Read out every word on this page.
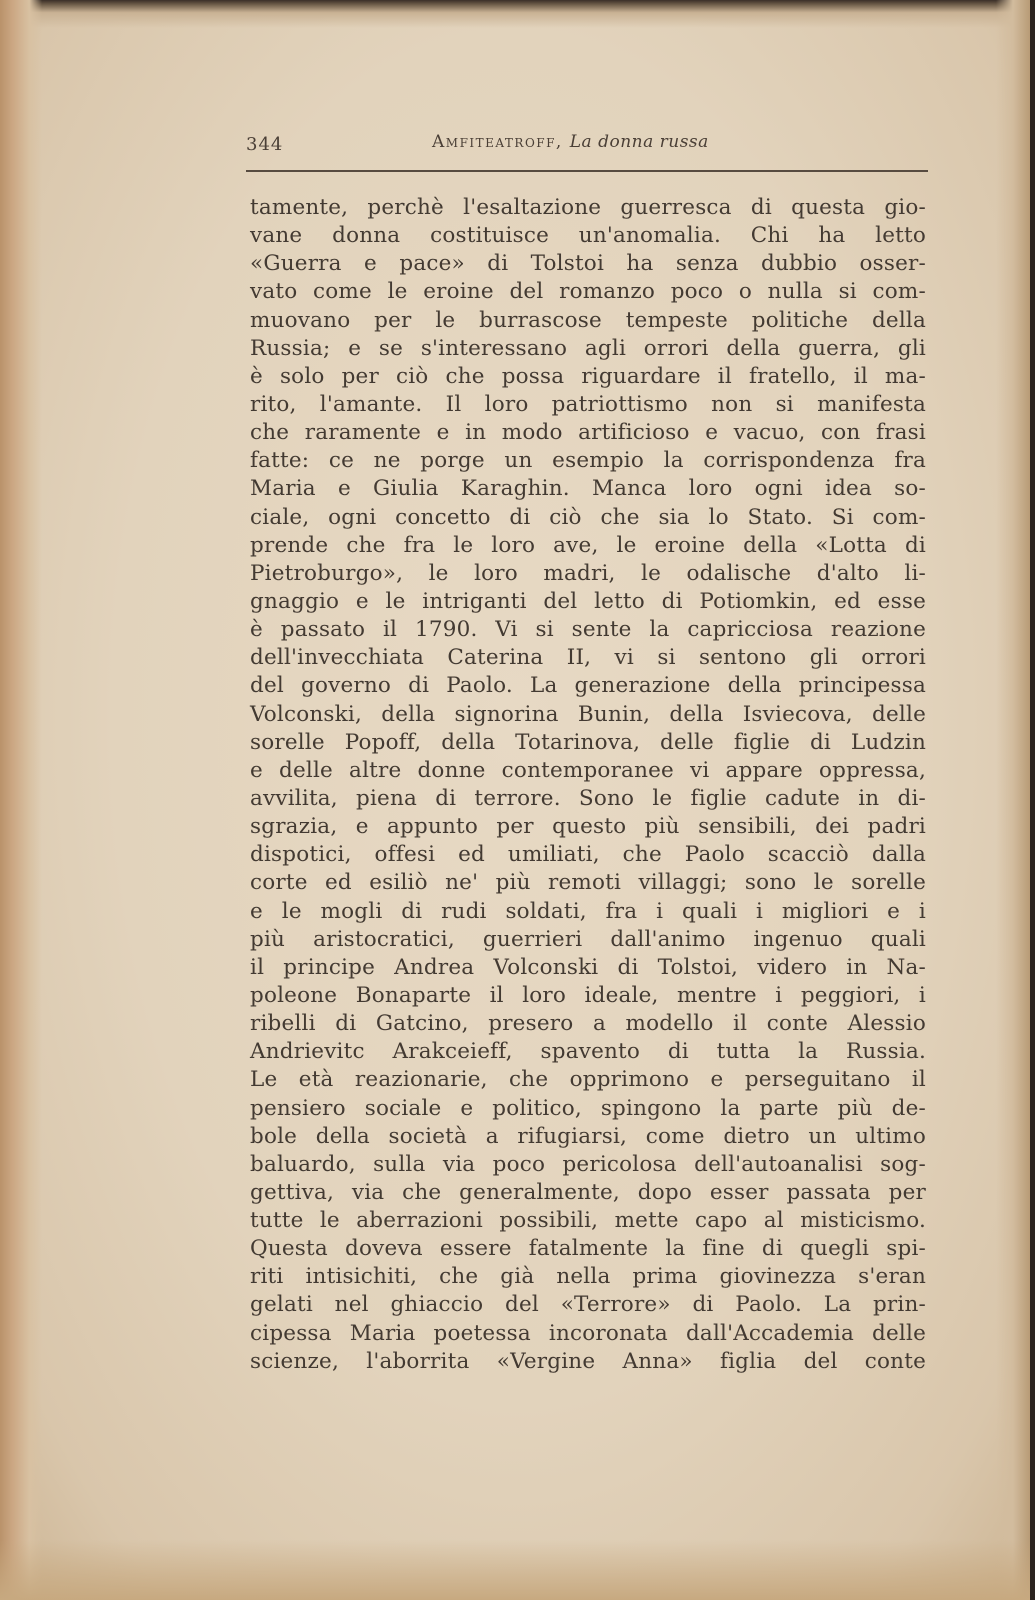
344	Amfiteatroff, La donna russa
tamente, perchè l'esaltazione guerresca di questa gio-
vane donna costituisce un'anomalia. Chi ha letto
«Guerra e pace» di Tolstoi ha senza dubbio osser-
vato come le eroine del romanzo poco o nulla si com-
muovano per le burrascose tempeste politiche della
Russia; e se s'interessano agli orrori della guerra, gli
è solo per ciò che possa riguardare il fratello, il ma-
rito, l'amante. Il loro patriottismo non si manifesta
che raramente e in modo artificioso e vacuo, con frasi
fatte: ce ne porge un esempio la corrispondenza fra
Maria e Giulia Karaghin. Manca loro ogni idea so-
ciale, ogni concetto di ciò che sia lo Stato. Si com-
prende che fra le loro ave, le eroine della «Lotta di
Pietroburgo», le loro madri, le odalische d'alto li-
gnaggio e le intriganti del letto di Potiomkin, ed esse
è passato il 1790. Vi si sente la capricciosa reazione
dell'invecchiata Caterina II, vi si sentono gli orrori
del governo di Paolo. La generazione della principessa
Volconski, della signorina Bunin, della Isviecova, delle
sorelle Popoff, della Totarinova, delle figlie di Ludzin
e delle altre donne contemporanee vi appare oppressa,
avvilita, piena di terrore. Sono le figlie cadute in di-
sgrazia, e appunto per questo più sensibili, dei padri
dispotici, offesi ed umiliati, che Paolo scacciò dalla
corte ed esiliò ne' più remoti villaggi; sono le sorelle
e le mogli di rudi soldati, fra i quali i migliori e i
più aristocratici, guerrieri dall'animo ingenuo quali
il principe Andrea Volconski di Tolstoi, videro in Na-
poleone Bonaparte il loro ideale, mentre i peggiori, i
ribelli di Gatcino, presero a modello il conte Alessio
Andrievitc Arakceieff, spavento di tutta la Russia.
Le età reazionarie, che opprimono e perseguitano il
pensiero sociale e politico, spingono la parte più de-
bole della società a rifugiarsi, come dietro un ultimo
baluardo, sulla via poco pericolosa dell'autoanalisi sog-
gettiva, via che generalmente, dopo esser passata per
tutte le aberrazioni possibili, mette capo al misticismo.
Questa doveva essere fatalmente la fine di quegli spi-
riti intisichiti, che già nella prima giovinezza s'eran
gelati nel ghiaccio del «Terrore» di Paolo. La prin-
cipessa Maria poetessa incoronata dall'Accademia delle
scienze, l'aborrita «Vergine Anna» figlia del conte
